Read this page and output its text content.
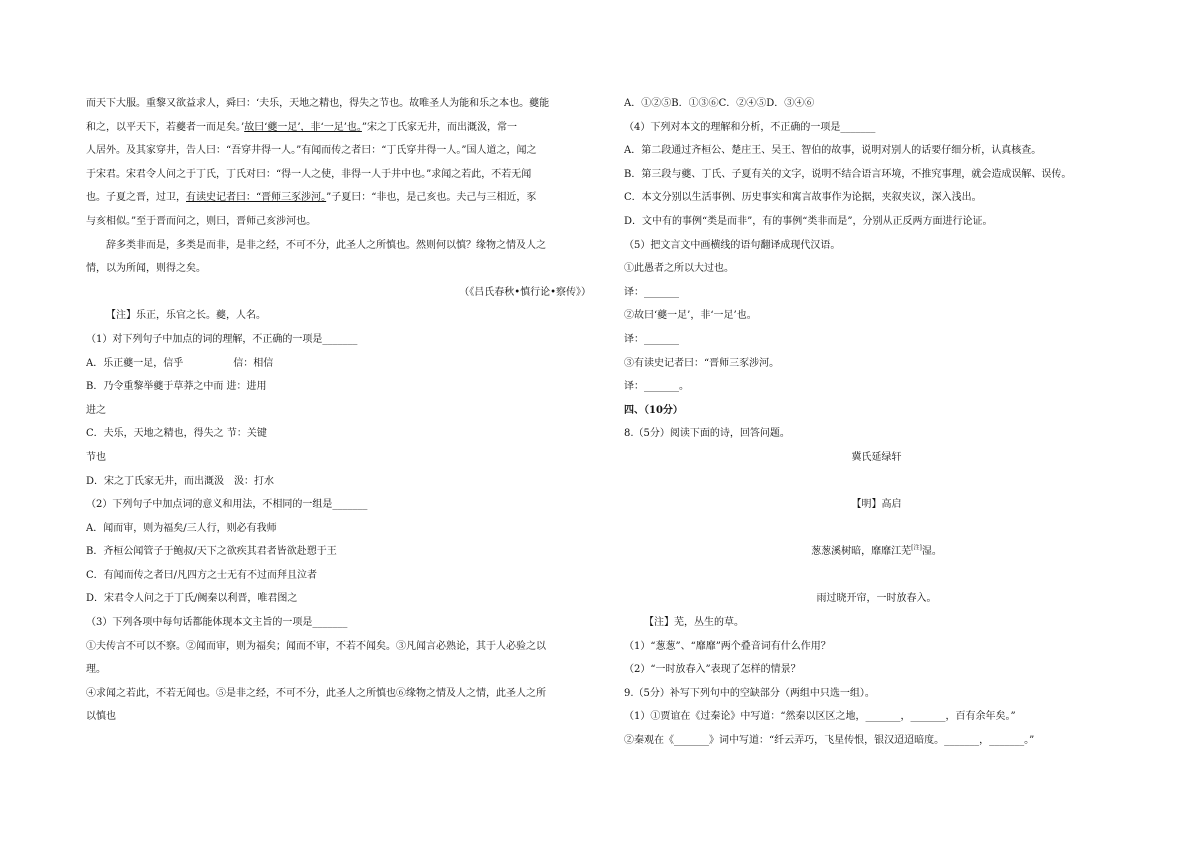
而天下大服。重黎又欲益求人，舜曰：‘夫乐，天地之精也，得失之节也。故唯圣人为能和乐之本也。夔能
和之，以平天下，若夔者一而足矣。’故曰‘夔一足’，非‘一足’也。”宋之丁氏家无井，而出溉汲，常一
人居外。及其家穿井，告人曰：“吾穿井得一人。”有闻而传之者曰：“丁氏穿井得一人。”国人道之，闻之
于宋君。宋君令人问之于丁氏，丁氏对曰：“得一人之使，非得一人于井中也。”求闻之若此，不若无闻
也。子夏之晋，过卫，有读史记者曰：“晋师三豕涉河。”子夏曰：“非也，是己亥也。夫己与三相近，豕
与亥相似。”至于晋而问之，则曰，晋师己亥涉河也。
辞多类非而是，多类是而非，是非之经，不可不分，此圣人之所慎也。然则何以慎？缘物之情及人之
情，以为所闻，则得之矣。
（《吕氏春秋•慎行论•察传》）
【注】乐正，乐官之长。夔，人名。
（1）对下列句子中加点的词的理解，不正确的一项是_______
A．乐正夔一足，信乎　　　　　信：相信
B．乃令重黎举夔于草莽之中而 进：进用
进之
C．夫乐，天地之精也，得失之 节：关键
节也
D．宋之丁氏家无井，而出溉汲　汲：打水
（2）下列句子中加点词的意义和用法，不相同的一组是_______
A．闻而审，则为福矣/三人行，则必有我师
B．齐桓公闻管子于鲍叔/天下之欲疾其君者皆欲赴愬于王
C．有闻而传之者曰/凡四方之士无有不过而拜且泣者
D．宋君令人问之于丁氏/阙秦以利晋，唯君图之
（3）下列各项中每句话都能体现本文主旨的一项是_______
①夫传言不可以不察。②闻而审，则为福矣；闻而不审，不若不闻矣。③凡闻言必熟论，其于人必验之以
理。
④求闻之若此，不若无闻也。⑤是非之经，不可不分，此圣人之所慎也⑥缘物之情及人之情，此圣人之所
以慎也
A．①②⑤B．①③⑥C．②④⑤D．③④⑥
（4）下列对本文的理解和分析，不正确的一项是_______
A．第二段通过齐桓公、楚庄王、吴王、智伯的故事，说明对别人的话要仔细分析，认真核查。
B．第三段与夔、丁氏、子夏有关的文字，说明不结合语言环境，不推究事理，就会造成误解、误传。
C．本文分别以生活事例、历史事实和寓言故事作为论据，夹叙夹议，深入浅出。
D．文中有的事例“类是而非”，有的事例“类非而是”，分别从正反两方面进行论证。
（5）把文言文中画横线的语句翻译成现代汉语。
①此愚者之所以大过也。
译：_______
②故曰‘夔一足’，非‘一足’也。
译：_______
③有读史记者曰：“晋师三豕涉河。
译：_______。
四、（10分）
8.（5分）阅读下面的诗，回答问题。
冀氏延绿轩
【明】高启
葱葱溪树暗，靡靡江芜[注]湿。
雨过晓开帘，一时放春入。
【注】芜，丛生的草。
（1）“葱葱”、“靡靡”两个叠音词有什么作用？
（2）“一时放春入”表现了怎样的情景？
9.（5分）补写下列句中的空缺部分（两组中只选一组）。
（1）①贾谊在《过秦论》中写道：“然秦以区区之地，_______，_______，百有余年矣。”
②秦观在《_______》词中写道：“纤云弄巧，飞星传恨，银汉迢迢暗度。_______，_______。”
